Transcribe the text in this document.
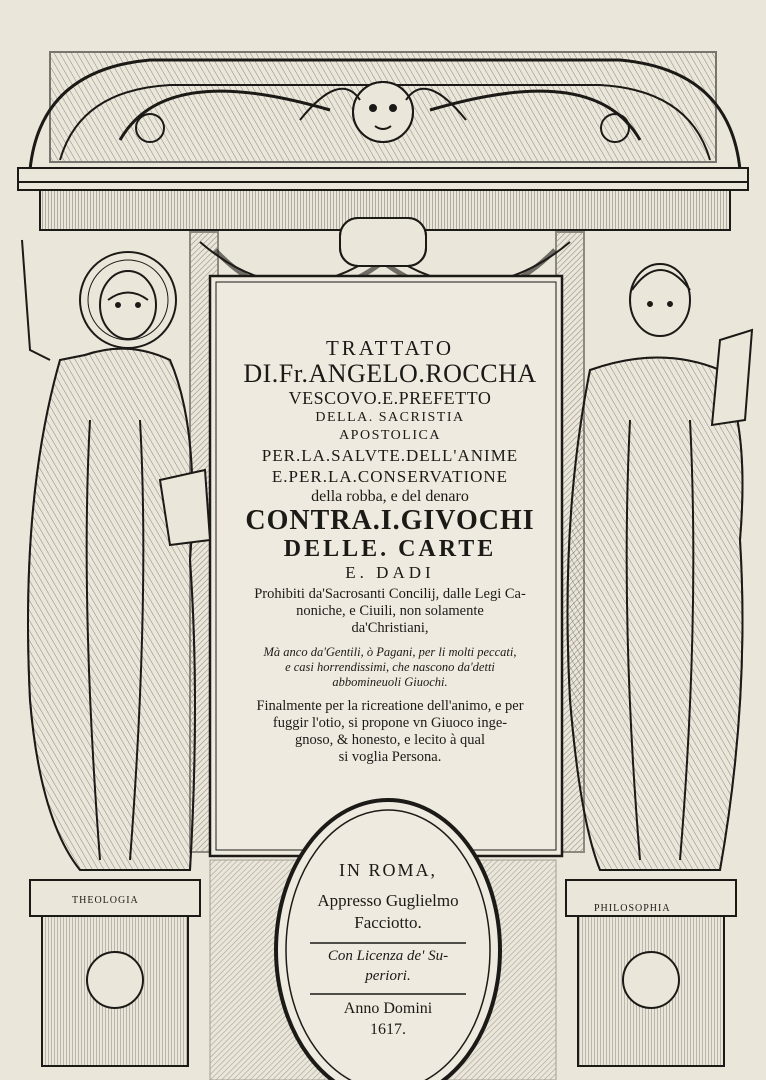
THEOLOGIA
PHILOSOPHIA

TRATTATO

DI.Fr.ANGELO.ROCCHA

VESCOVO.E.PREFETTO

DELLA. SACRISTIA

APOSTOLICA

PER.LA.SALVTE.DELL'ANIME

E.PER.LA.CONSERVATIONE

della robba, e del denaro

CONTRA.I.GIVOCHI

DELLE. CARTE

E. DADI

Prohibiti da'Sacrosanti Concilij, dalle Legi Ca-

noniche, e Ciuili, non solamente

da'Christiani,

Mà anco da'Gentili, ò Pagani, per li molti peccati,

e casi horrendissimi, che nascono da'detti

abbomineuoli Giuochi.

Finalmente per la ricreatione dell'animo, e per

fuggir l'otio, si propone vn Giuoco inge-

gnoso, & honesto, e lecito à qual

si voglia Persona.

IN ROMA,

Appresso Guglielmo

Facciotto.

Con Licenza de' Su-

periori.

Anno Domini

1617.
